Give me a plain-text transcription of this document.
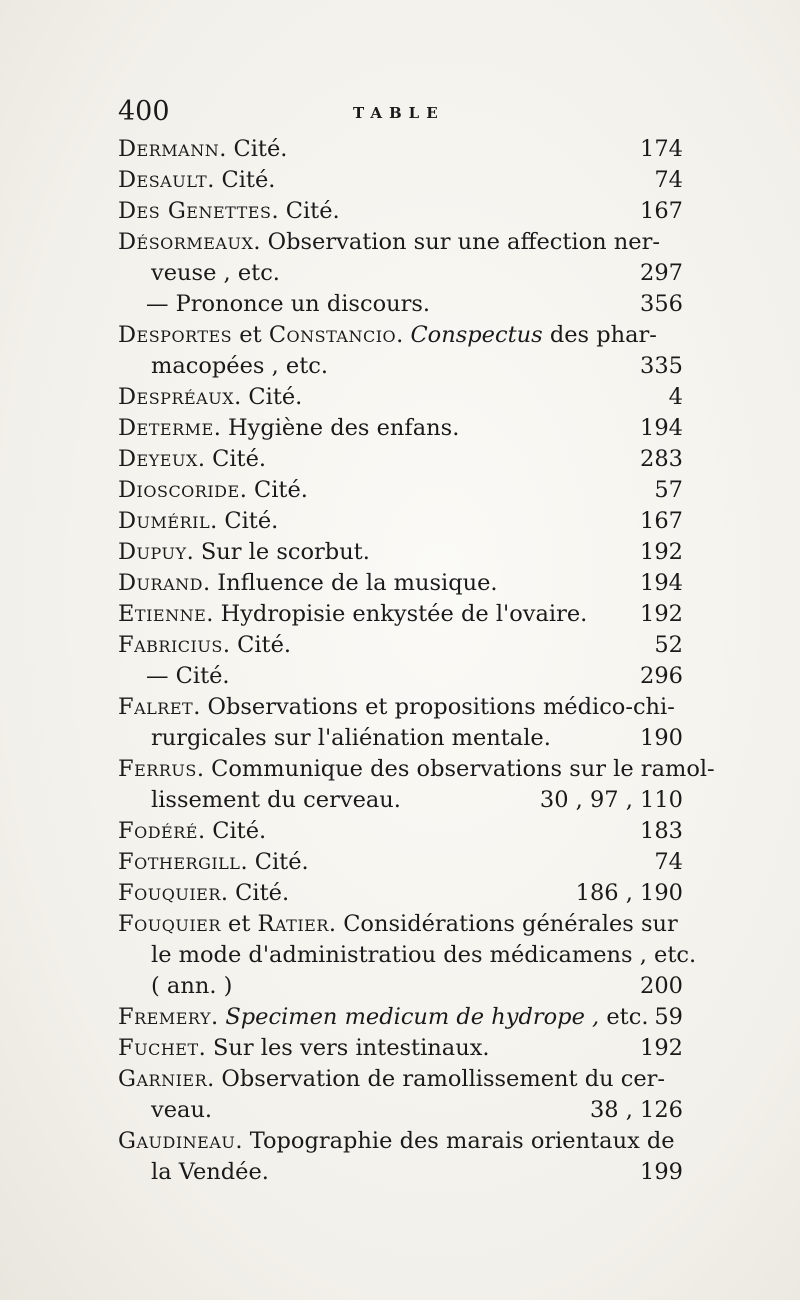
400	TABLE
Dermann. Cité.	174
Desault. Cité.	74
Des Genettes. Cité.	167
Désormeaux. Observation sur une affection ner-
veuse , etc.	297
— Prononce un discours.	356
Desportes et Constancio. Conspectus des phar-
macopées , etc.	335
Despréaux. Cité.	4
Determe. Hygiène des enfans.	194
Deyeux. Cité.	283
Dioscoride. Cité.	57
Duméril. Cité.	167
Dupuy. Sur le scorbut.	192
Durand. Influence de la musique.	194
Etienne. Hydropisie enkystée de l'ovaire. 192
Fabricius. Cité.	52
— Cité.	296
Falret. Observations et propositions médico-chi-
rurgicales sur l'aliénation mentale.	190
Ferrus. Communique des observations sur le ramol-
lissement du cerveau.	30 , 97 , 110
Fodéré. Cité.	183
Fothergill. Cité.	74
Fouquier. Cité.	186 , 190
Fouquier et Ratier. Considérations générales sur
le mode d'administratiou des médicamens , etc.
( ann. )	200
Fremery. Specimen medicum de hydrope , etc. 59
Fuchet. Sur les vers intestinaux.	192
Garnier. Observation de ramollissement du cer-
veau.	38 , 126
Gaudineau. Topographie des marais orientaux de
la Vendée.	199
